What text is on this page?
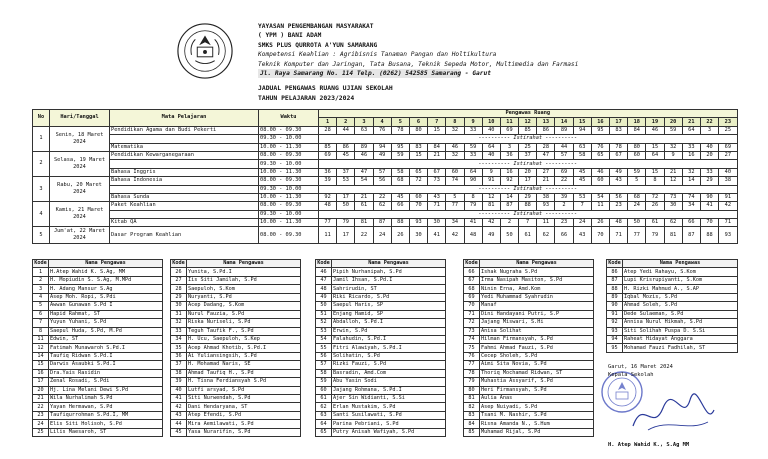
YAYASAN PENGEMBANGAN MASYARAKAT
( YPM ) BANI ADAM
SMKS PLUS QURROTA A'YUN SAMARANG
Kompetensi Keahlian : Agribisnis Tanaman Pangan dan Holtikultura
Teknik Komputer dan Jaringan, Tata Busana, Teknik Sepeda Motor, Multimedia dan Farmasi
Jl. Raya Samarang No. 114 Telp. (0262) 542585 Samarang - Garut
JADUAL PENGAWAS RUANG UJIAN SEKOLAH
TAHUN PELAJARAN 2023/2024
No	Hari/Tanggal	Mata Pelajaran	Waktu	Pengawas Ruang																						
				1	2	3	4	5	6	7	8	9	10	11	12	13	14	15	16	17	18	19	20	21	22	23
1	Senin, 18 Maret 2024	Pendidikan Agama dan Budi Pekerti	08.00 - 09.30	28	44	63	76	78	80	15	32	33	40	69	85	86	89	94	95	83	84	46	59	64	3	25
			09.30 - 10.00	---------- Istirahat ----------																						
		Matematika	10.00 - 11.30	85	86	89	94	95	83	84	46	59	64	3	25	28	44	63	76	78	80	15	32	33	40	69
2	Selasa, 19 Maret 2024	Pendidikan Kewarganegaraan	08.00 - 09.30	69	45	46	49	59	15	21	32	33	40	36	37	47	57	58	65	67	60	64	9	16	20	27
			09.30 - 10.00	---------- Istirahat ----------																						
		Bahasa Inggris	10.00 - 11.30	36	37	47	57	58	65	67	60	64	9	16	20	27	69	45	46	49	59	15	21	32	33	40
3	Rabu, 20 Maret 2024	Bahasa Indonesia	08.00 - 09.30	39	53	54	56	68	72	73	74	90	91	92	17	21	22	45	60	43	5	8	12	14	29	38
			09.30 - 10.00	---------- Istirahat ----------																						
		Bahasa Sunda	10.00 - 11.30	92	17	21	22	45	60	43	5	8	12	14	29	38	39	53	54	56	68	72	73	74	90	91
4	Kamis, 21 Maret 2024	Paket Keahlian	08.00 - 09.30	48	50	61	62	66	70	71	77	79	81	87	88	93	2	7	11	23	24	26	30	34	41	42
			09.30 - 10.00	---------- Istirahat ----------																						
		Kitab QA	10.00 - 11.30	77	79	81	87	88	93	30	34	41	42	2	7	11	23	24	26	48	50	61	62	66	70	71
5	Jum'at, 22 Maret 2024	Dasar Program Keahlian	08.00 - 09.30	11	17	22	24	26	30	41	42	48	49	50	61	62	66	43	70	71	77	79	81	87	88	93
Kode	Nama Pengawas
1	H.Atep Wahid K. S.Ag, MM
2	H. Mopiudin S. S.Ag, M.MPd
3	H. Adang Mansur S.Ag
4	Asep Moh. Ropi, S.Pdi
5	Awwan Gunawan S.Pd I
6	Hapid Rahmat, ST
7	Yuyun Yuhani, S.Pd
8	Saepul Huda, S.Pd, M.Pd
11	Edwin, ST
12	Fatimah Munawaroh S.Pd.I
14	Taufiq Ridwan S.Pd.I
15	Darwis Asaubki S.Pd.I
16	Dra.Yais Rasidin
17	Zenal Rosadi, S.Pdi
20	Hj. Lina Melani Dewi S.Pd
21	Wila Nurhalimah S.Pd
22	Yayan Hermawan, S.Pd
23	Taufiqurrohman S.Pd.I, MM
24	Elis Siti Holisoh, S.Pd
25	Lilis Maesaroh, ST
Kode	Nama Pengawas
26	Yunita, S.Pd.I
27	Iis Siti Jamilah, S.Pd
28	Saepuloh, S.Kom
29	Nuryanti, S.Pd
30	Acep Dadang, S.Kom
31	Nurul Fauzia, S.Pd
32	Riska Nuriseli, S.Pd
33	Teguh Taufik F., S.Pd
34	H. Ucu, Saepuloh, S.Kep
35	Acep Ahmad Khotib, S.Pd.I
36	Ai Yuliansingsih, S.Pd
37	H. Mohamad Naris, SE
38	Ahmad Taufiq H., S.Pd
39	H. Tisna Ferdiansyah S.Pd
40	Lutfi arsyad, S.Pd
41	Siti Nurwendah, S.Pd
42	Dani Hendaryana, ST
43	Atep Efendi, S.Pd
44	Mira Aemilawati, S.Pd
45	Yasa Nurarifin, S.Pd
Kode	Nama Pengawas
46	Pipih Nurhanipah, S.Pd
47	Jamil Ihsan, S.Pd.I
48	Sahrirudin, ST
49	Riki Ricardo, S.Pd
50	Saepul Haris, SP
51	Enjang Hamid, SP
52	Abdalloh, S.Pd.I
53	Erwin, S.Pd
54	Falahudin, S.Pd.I
55	Fitri Alawiyah, S.Pd.I
56	Solihatin, S.Pd
57	Rizki Fauzi, S.Pd
58	Basradin, Amd.Com
59	Abu Yasin Sodi
60	Jajang Rohmana, S.Pd.I
61	Ajer Sin Widianti, S.Si
62	Erlan Mustakim, S.Pd
63	Santi Susilawati, S.Pd
64	Parina Pebriani, S.Pd
65	Putry Anisah Wafiyah, S.Pd
Kode	Nama Pengawas
66	Ishak Nugraha S.Pd
67	Irma Nasipah Masiton, S.Pd
68	Ninin Erna, Amd.Kom
69	Yedi Muhammad Syahrudin
70	Manaf
71	Dini Handayani Putri, S.P
72	Jajang Miswari, S.Hi
73	Anisa Solihat
74	Hilman Firmansyah, S.Pd
75	Fahmi Ahmad Fauzi, S.Pd
76	Cecep Sholeh, S.Pd
77	Aimi Sita Novia, S.Pd
78	Thoriq Mochamad Ridwan, ST
79	Muhastia Assyarif, S.Pd
80	Heri Firmansyah, S.Pd
81	Aulia Anas
82	Asep Nuiyadi, S.Pd
83	Tsani M. Nashir, S.Pd
84	Risna Amanda N., S.Hum
85	Muhamad Rijal, S.Pd
Kode	Nama Pengawas
86	Atep Yedi Rahayu, S.Kom
87	Lupi Krisrupiyanti, S.Kom
88	H. Rizki Mahmud A., S.AP
89	Iqbal Mozis, S.Pd
90	Ahmad Soleh, S.Pd
91	Dede Sulaeman, S.Pd
92	Annisa Nurul Hikmah, S.Pd
93	Siti Solihah Puspa D. S.Si
94	Raheat Hidayat Anggara
95	Mohamad Fauzi Fadhilah, ST
Garut, 16 Maret 2024
Kepala Sekolah
H. Atep Wahid K., S.Ag MM
